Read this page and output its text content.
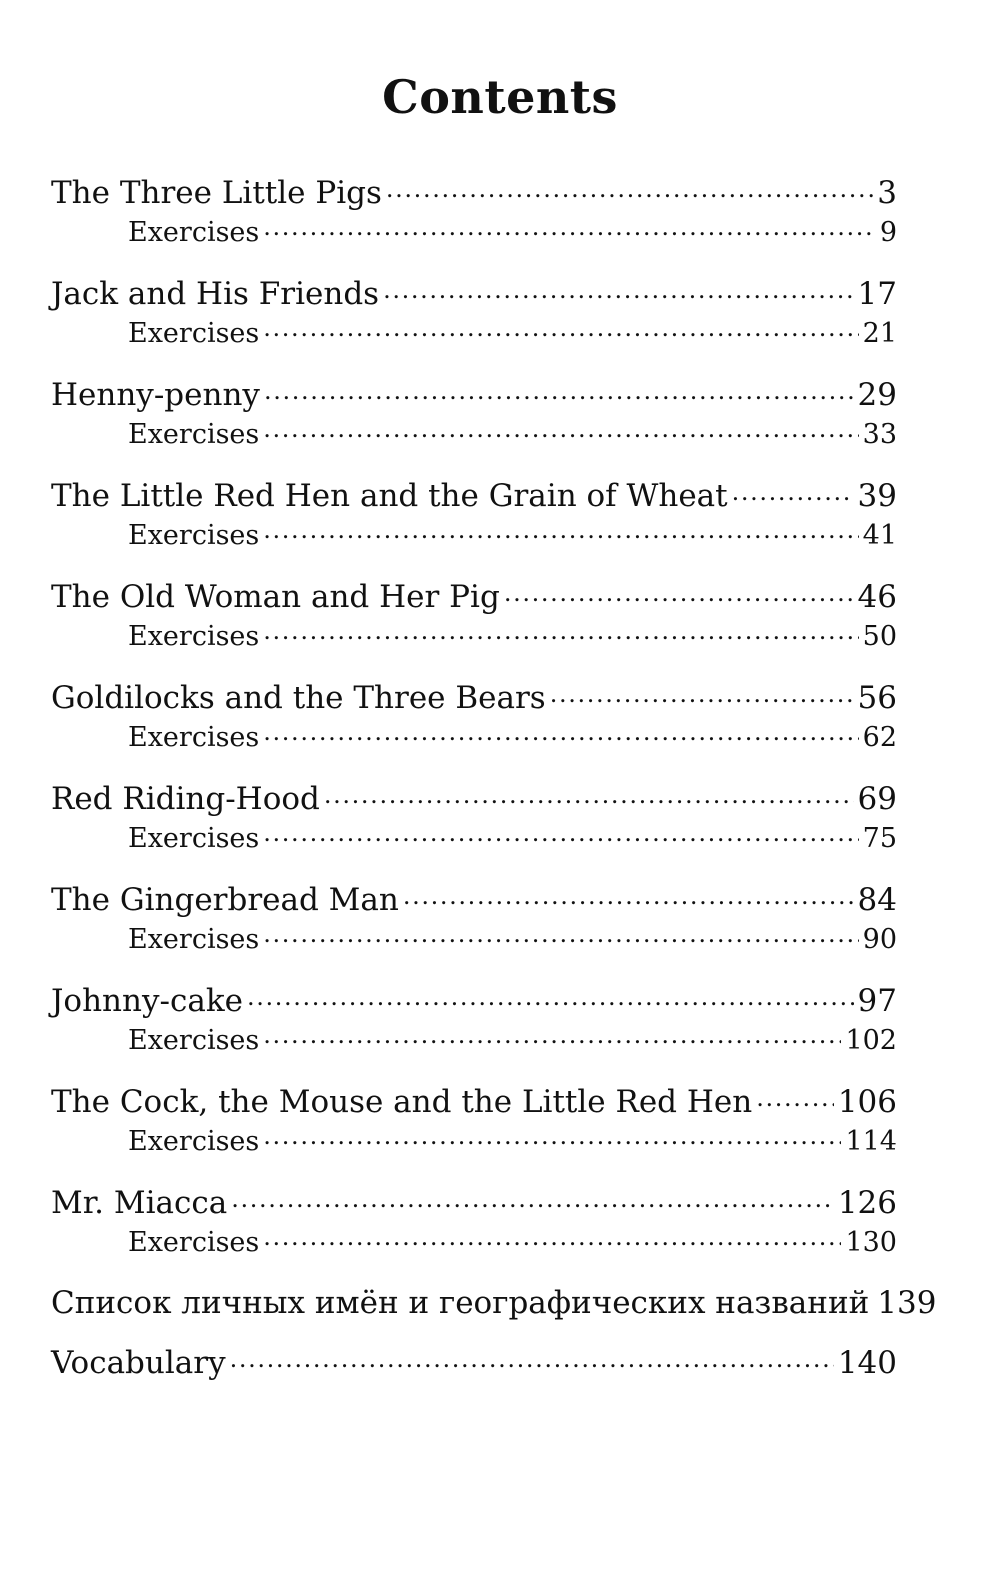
Contents
The Three Little Pigs . . .	3
Exercises . . .	9
Jack and His Friends . . .	17
Exercises . . .	21
Henny-penny . . .	29
Exercises . . .	33
The Little Red Hen and the Grain of Wheat . . .	39
Exercises . . .	41
The Old Woman and Her Pig . . .	46
Exercises . . .	50
Goldilocks and the Three Bears . . .	56
Exercises . . .	62
Red Riding-Hood . . .	69
Exercises . . .	75
The Gingerbread Man . . .	84
Exercises . . .	90
Johnny-cake . . .	97
Exercises . . .	102
The Cock, the Mouse and the Little Red Hen . . .	106
Exercises . . .	114
Mr. Miacca . . .	126
Exercises . . .	130
Список личных имён и географических названий 139
Vocabulary . . .	140
